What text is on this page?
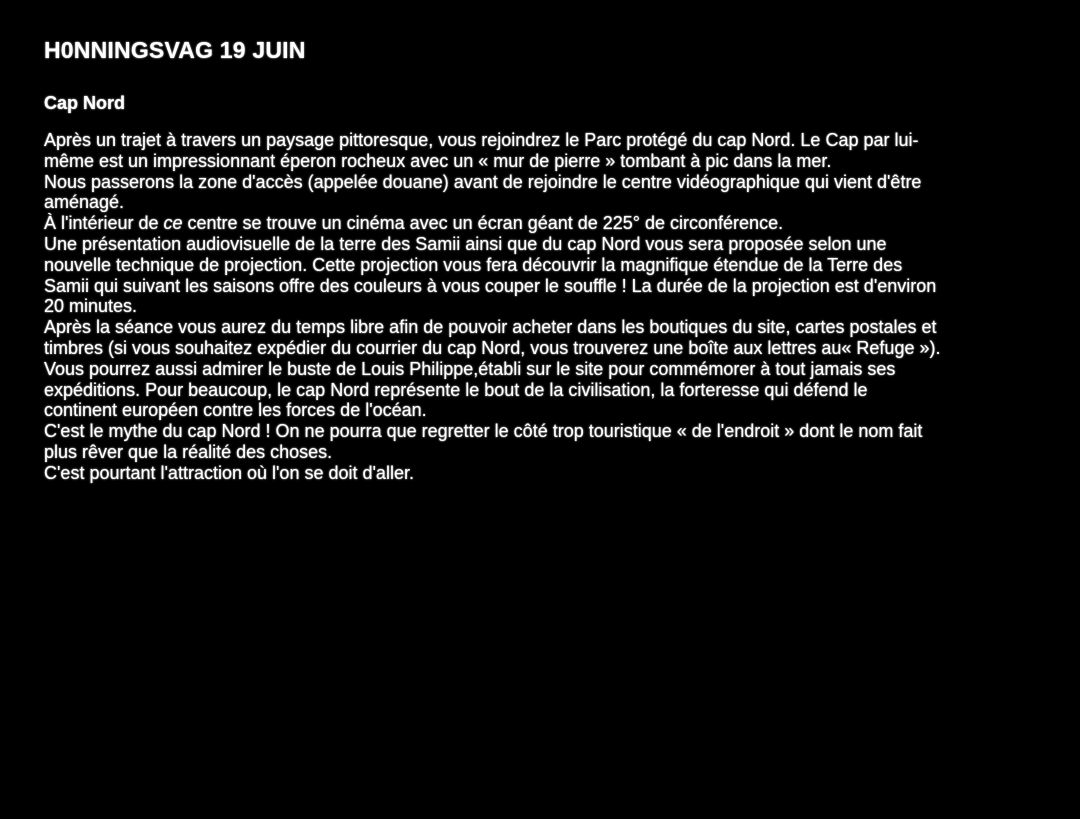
H0NNINGSVAG 19 JUIN
Cap Nord
Après un trajet à travers un paysage pittoresque, vous rejoindrez le Parc protégé du cap Nord. Le Cap par lui-même est un impressionnant éperon rocheux avec un « mur de pierre » tombant à pic dans la mer.
Nous passerons la zone d'accès (appelée douane) avant de rejoindre le centre vidéographique qui vient d'être aménagé.
À l'intérieur de ce centre se trouve un cinéma avec un écran géant de 225° de circonférence.
Une présentation audiovisuelle de la terre des Samii ainsi que du cap Nord vous sera proposée selon une nouvelle technique de projection. Cette projection vous fera découvrir la magnifique étendue de la Terre des Samii qui suivant les saisons offre des couleurs à vous couper le souffle ! La durée de la projection est d'environ 20 minutes.
Après la séance vous aurez du temps libre afin de pouvoir acheter dans les boutiques du site, cartes postales et timbres (si vous souhaitez expédier du courrier du cap Nord, vous trouverez une boîte aux lettres au« Refuge »).
Vous pourrez aussi admirer le buste de Louis Philippe,établi sur le site pour commémorer à tout jamais ses expéditions. Pour beaucoup, le cap Nord représente le bout de la civilisation, la forteresse qui défend le continent européen contre les forces de l'océan.
C'est le mythe du cap Nord ! On ne pourra que regretter le côté trop touristique « de l'endroit » dont le nom fait plus rêver que la réalité des choses.
C'est pourtant l'attraction où l'on se doit d'aller.
